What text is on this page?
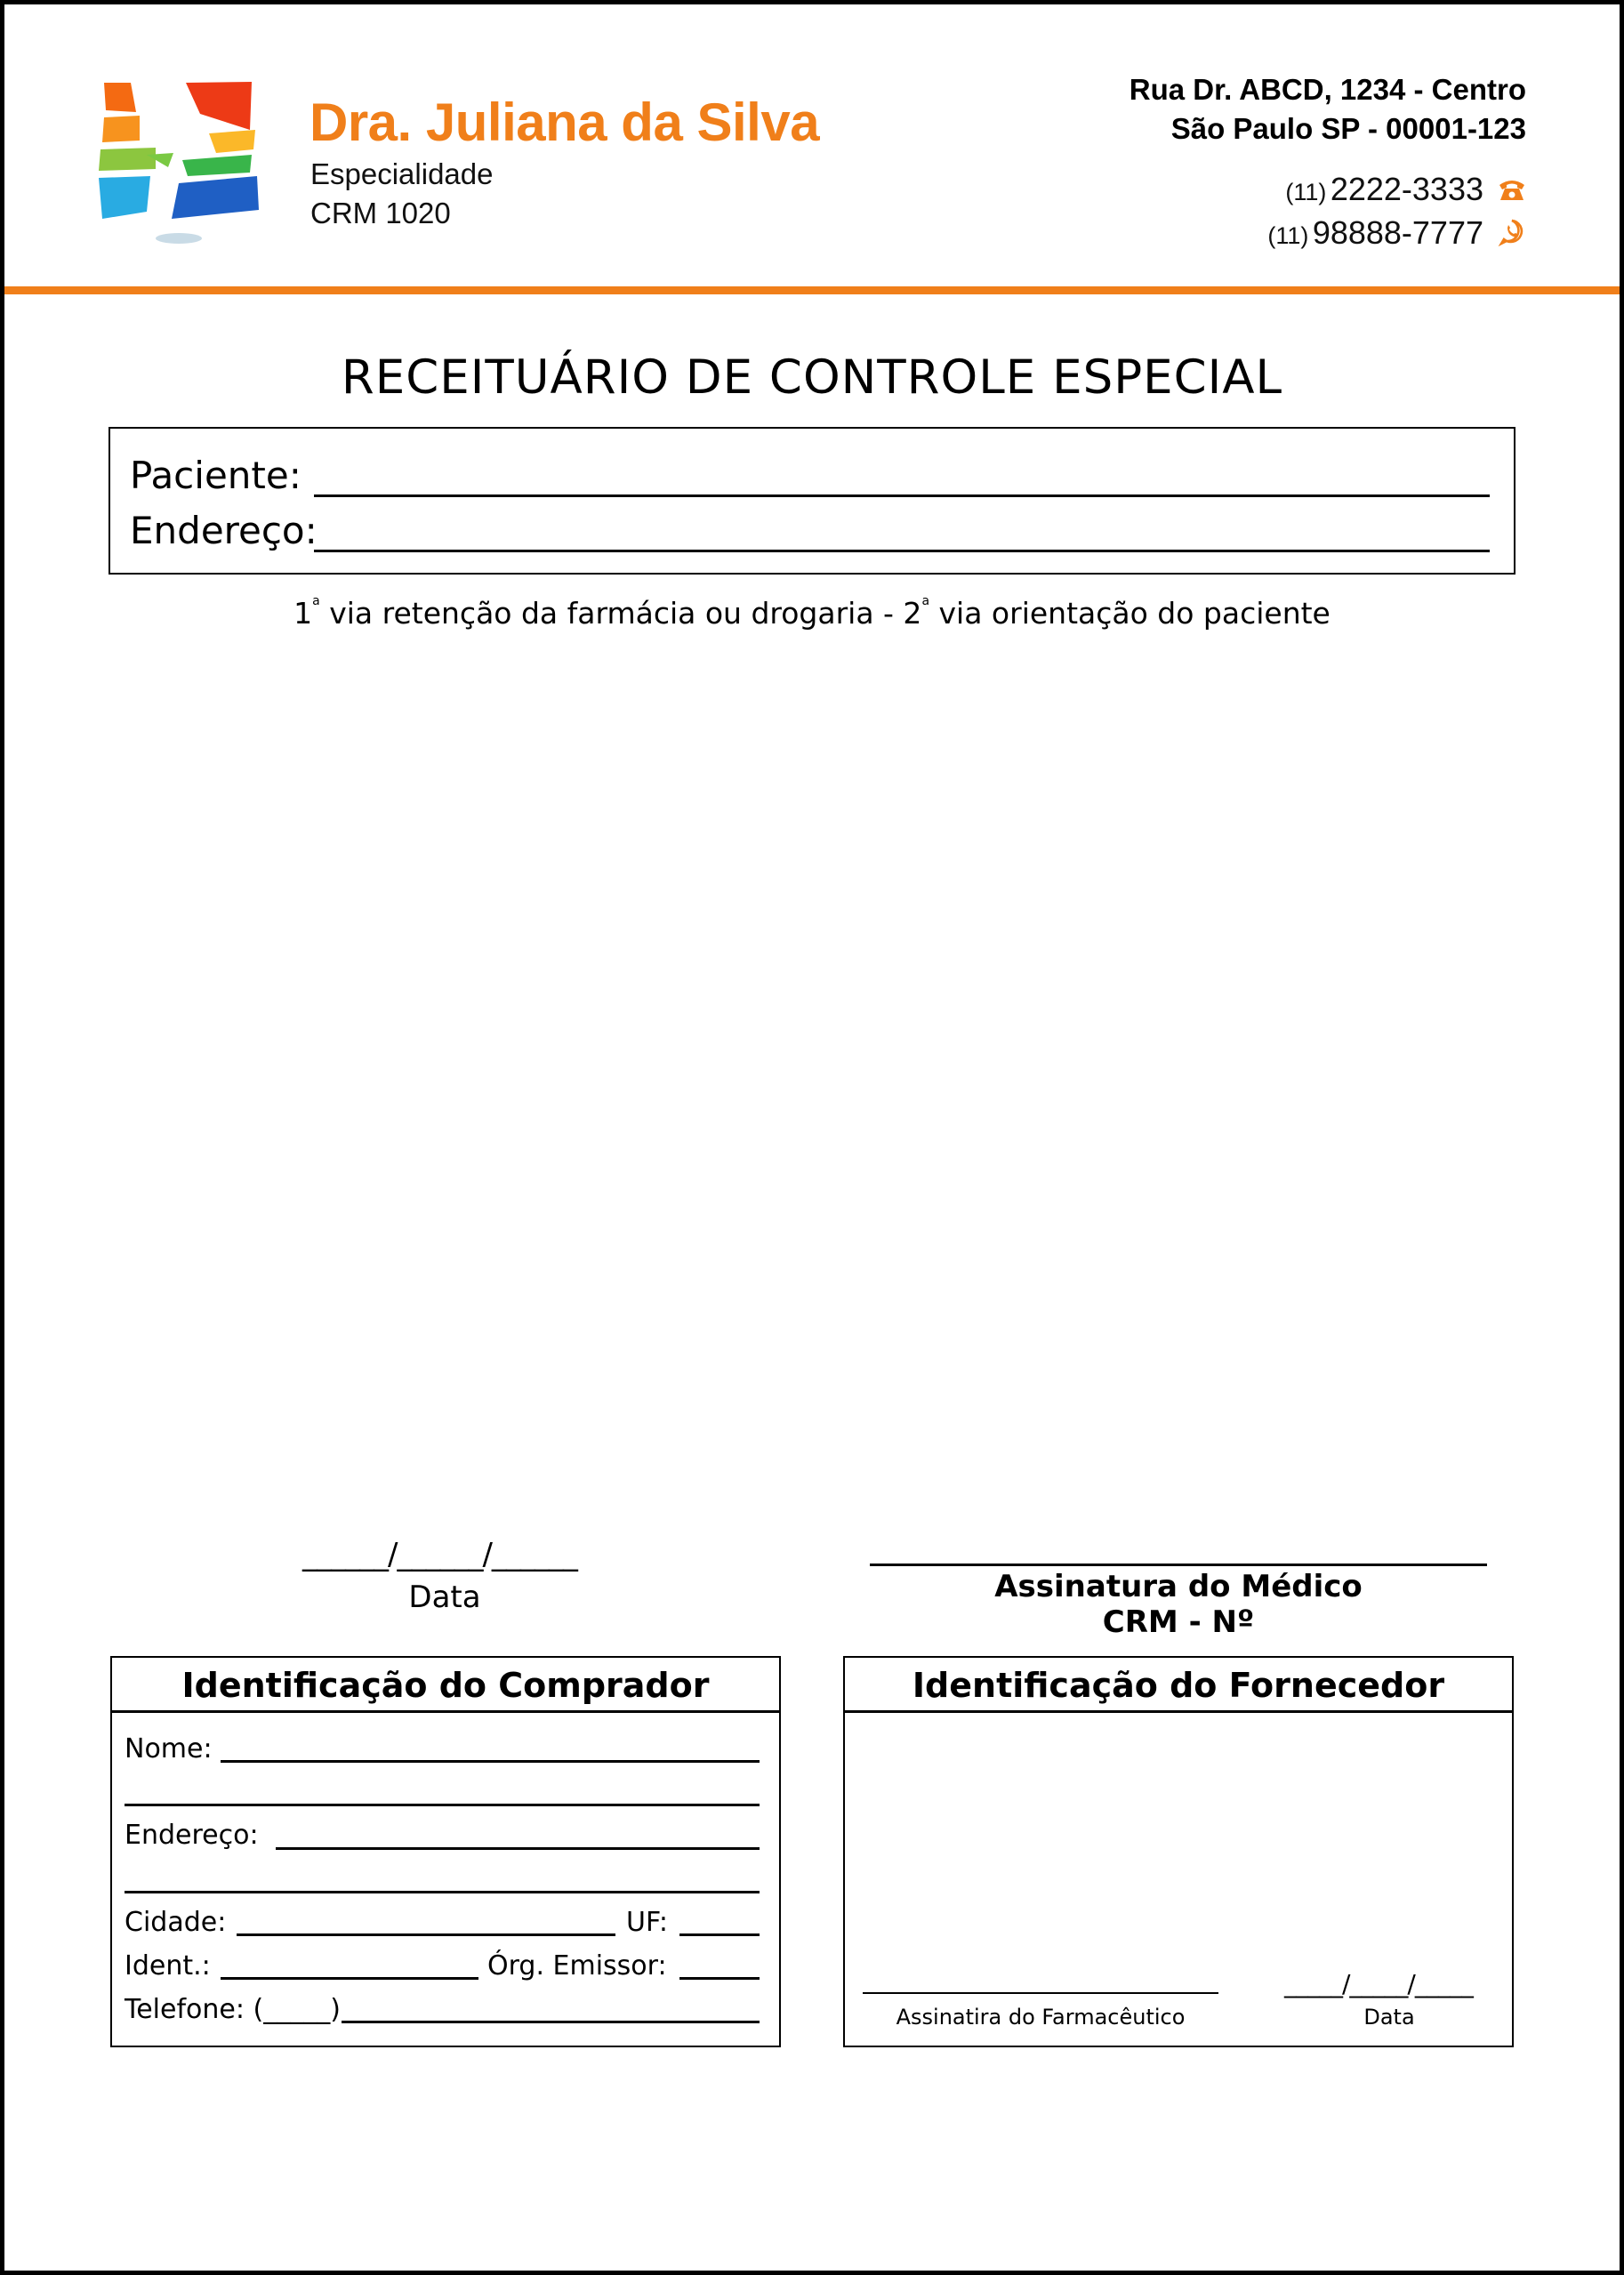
Dra. Juliana da Silva
Especialidade
CRM 1020
Rua Dr. ABCD, 1234 - Centro
São Paulo SP - 00001-123
(11) 2222-3333
(11) 98888-7777
RECEITUÁRIO DE CONTROLE ESPECIAL
Paciente:
Endereço:
1$^a$ via retenção da farmácia ou drogaria - 2$^a$ via orientação do paciente
______/______/______
Data	Assinatura do Médico
CRM - Nº
Identificação do Comprador
Nome:
Endereço:
Cidade:	UF:
Ident.:	Órg. Emissor:
Telefone: (_____)
Identificação do Fornecedor
Assinatira do Farmacêutico
_____/_____/_____
Data
